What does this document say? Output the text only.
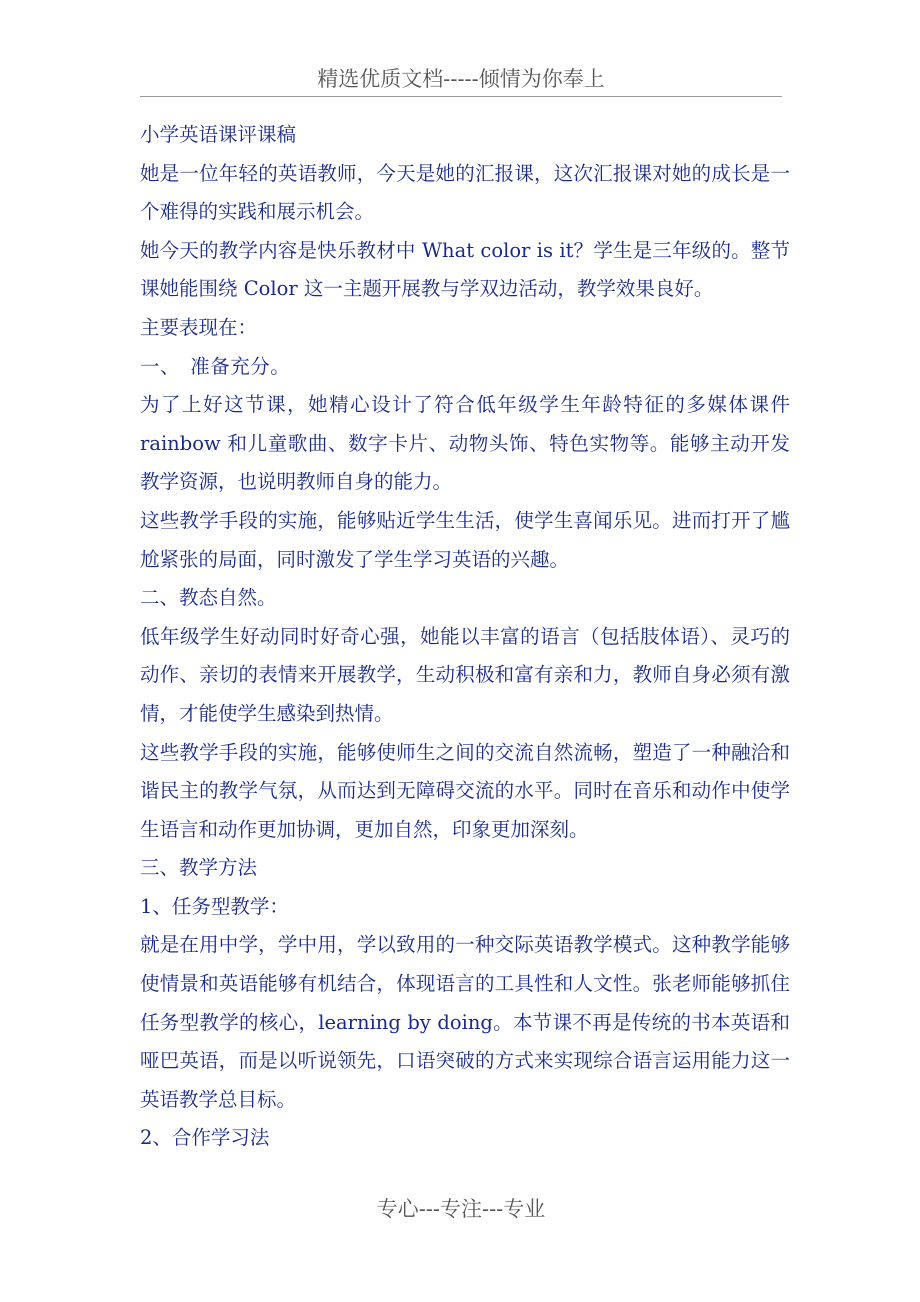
精选优质文档-----倾情为你奉上

小学英语课评课稿

她是一位年轻的英语教师，今天是她的汇报课，这次汇报课对她的成长是一个难得的实践和展示机会。

她今天的教学内容是快乐教材中 What color is it？学生是三年级的。整节课她能围绕 Color 这一主题开展教与学双边活动，教学效果良好。

主要表现在：

一、　准备充分。

为了上好这节课，她精心设计了符合低年级学生年龄特征的多媒体课件 rainbow 和儿童歌曲、数字卡片、动物头饰、特色实物等。能够主动开发教学资源，也说明教师自身的能力。

这些教学手段的实施，能够贴近学生生活，使学生喜闻乐见。进而打开了尴尬紧张的局面，同时激发了学生学习英语的兴趣。

二、教态自然。

低年级学生好动同时好奇心强，她能以丰富的语言（包括肢体语）、灵巧的动作、亲切的表情来开展教学，生动积极和富有亲和力，教师自身必须有激情，才能使学生感染到热情。

这些教学手段的实施，能够使师生之间的交流自然流畅，塑造了一种融洽和谐民主的教学气氛，从而达到无障碍交流的水平。同时在音乐和动作中使学生语言和动作更加协调，更加自然，印象更加深刻。

三、教学方法

1、任务型教学：

就是在用中学，学中用，学以致用的一种交际英语教学模式。这种教学能够使情景和英语能够有机结合，体现语言的工具性和人文性。张老师能够抓住任务型教学的核心，learning by doing。本节课不再是传统的书本英语和哑巴英语，而是以听说领先，口语突破的方式来实现综合语言运用能力这一英语教学总目标。

2、合作学习法

专心---专注---专业
